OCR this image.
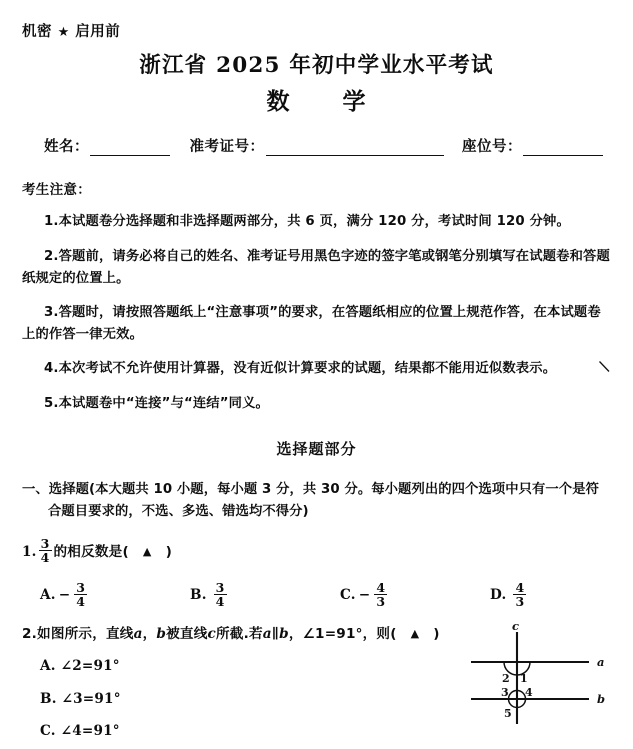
机密 ★ 启用前
浙江省 2025 年初中学业水平考试
数 学
姓名：	准考证号：	座位号：
考生注意：
1.本试题卷分选择题和非选择题两部分，共 6 页，满分 120 分，考试时间 120 分钟。
2.答题前，请务必将自己的姓名、准考证号用黑色字迹的签字笔或钢笔分别填写在试题卷和答题纸规定的位置上。
3.答题时，请按照答题纸上“注意事项”的要求，在答题纸相应的位置上规范作答，在本试题卷上的作答一律无效。
4.本次考试不允许使用计算器，没有近似计算要求的试题，结果都不能用近似数表示。
5.本试题卷中“连接”与“连结”同义。
选择题部分
一、选择题(本大题共 10 小题，每小题 3 分，共 30 分。每小题列出的四个选项中只有一个是符
合题目要求的，不选、多选、错选均不得分)
1. $\frac{3}{4}$ 的相反数是( ▲ )
A. − $\frac{3}{4}$	B. $\frac{3}{4}$	C. − $\frac{4}{3}$	D. $\frac{4}{3}$
2.如图所示，直线 a ， b 被直线 c 所截.若 a∥b ， ∠1=91° ，则( ▲ )
A. ∠2=91°
B. ∠3=91°
C. ∠4=91°
c
a
b
1
2
3 4
5
